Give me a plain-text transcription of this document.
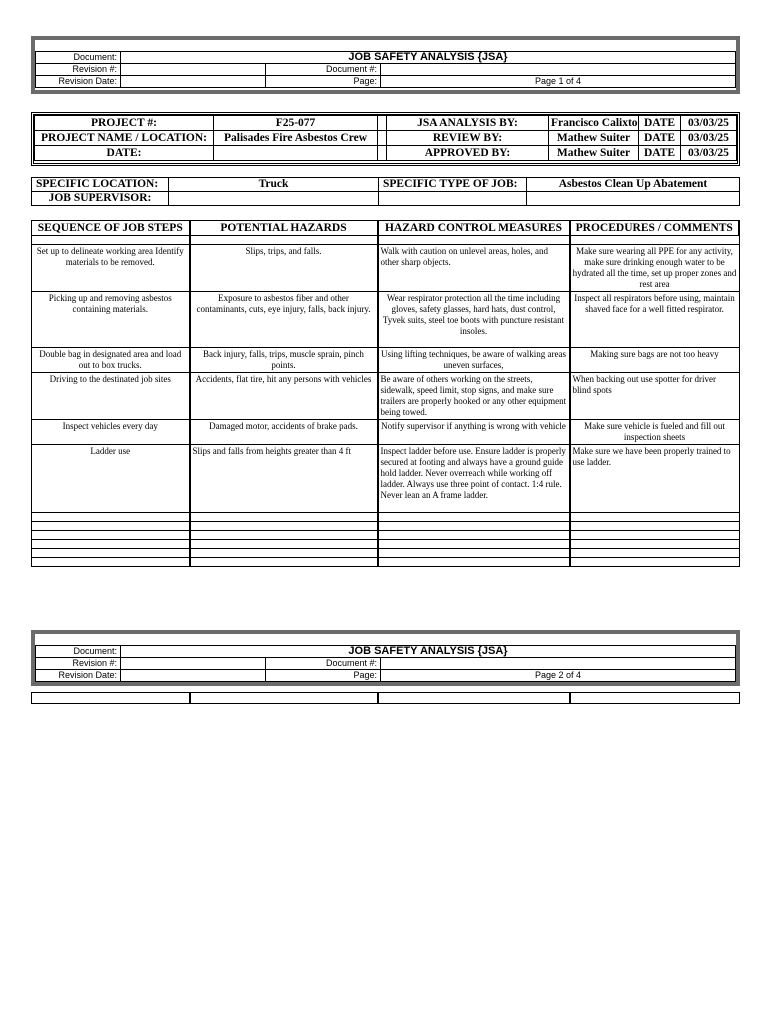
Document:	JOB SAFETY ANALYSIS {JSA}		
Revision #:		Document #:	
Revision Date:		Page:	Page 1 of 4
PROJECT #:	F25-077		JSA ANALYSIS BY:	Francisco Calixto	DATE	03/03/25
PROJECT NAME / LOCATION:	Palisades Fire Asbestos Crew		REVIEW BY:	Mathew Suiter	DATE	03/03/25
DATE:			APPROVED BY:	Mathew Suiter	DATE	03/03/25
SPECIFIC LOCATION:	Truck	SPECIFIC TYPE OF JOB:	Asbestos Clean Up Abatement
JOB SUPERVISOR:			
SEQUENCE OF JOB STEPS	POTENTIAL HAZARDS	HAZARD CONTROL MEASURES	PROCEDURES / COMMENTS

Set up to delineate working area Identify materials to be removed.	Slips, trips, and falls.	Walk with caution on unlevel areas, holes, and other sharp objects.	Make sure wearing all PPE for any activity, make sure drinking enough water to be hydrated all the time, set up proper zones and rest area
Picking up and removing asbestos containing materials.	Exposure to asbestos fiber and other contaminants, cuts, eye injury, falls, back injury.	Wear respirator protection all the time including gloves, safety glasses, hard hats, dust control, Tyvek suits, steel toe boots with puncture resistant insoles.	Inspect all respirators before using, maintain shaved face for a well fitted respirator.
Double bag in designated area and load out to box trucks.	Back injury, falls, trips, muscle sprain, pinch points.	Using lifting techniques, be aware of walking areas uneven surfaces,	Making sure bags are not too heavy
Driving to the destinated job sites	Accidents, flat tire, hit any persons with vehicles	Be aware of others working on the streets, sidewalk, speed limit, stop signs, and make sure trailers are properly hooked or any other equipment being towed.	When backing out use spotter for driver blind spots
Inspect vehicles every day	Damaged motor, accidents of brake pads.	Notify supervisor if anything is wrong with vehicle	Make sure vehicle is fueled and fill out inspection sheets
Ladder use	Slips and falls from heights greater than 4 ft	Inspect ladder before use. Ensure ladder is properly secured at footing and always have a ground guide hold ladder. Never overreach while working off ladder. Always use three point of contact. 1:4 rule. Never lean an A frame ladder.	Make sure we have been properly trained to use ladder.

Document:	JOB SAFETY ANALYSIS {JSA}		
Revision #:		Document #:	
Revision Date:		Page:	Page 2 of 4
